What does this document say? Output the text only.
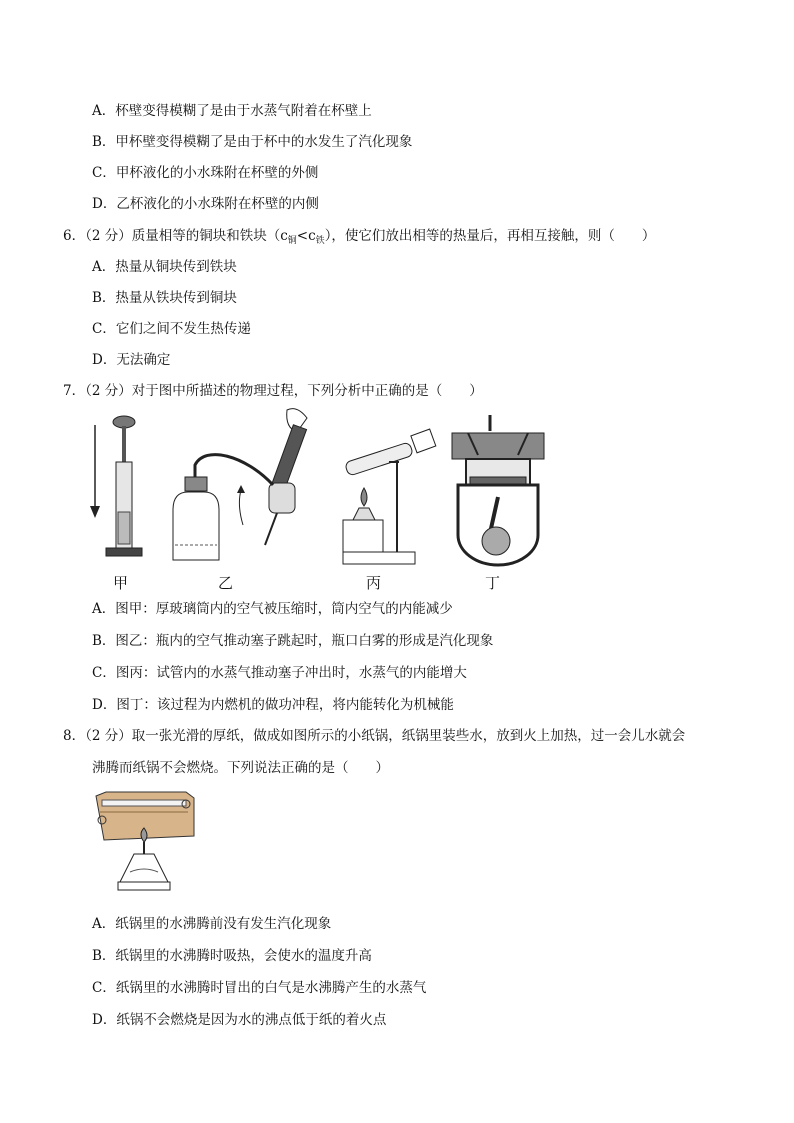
A．杯壁变得模糊了是由于水蒸气附着在杯壁上
B．甲杯壁变得模糊了是由于杯中的水发生了汽化现象
C．甲杯液化的小水珠附在杯壁的外侧
D．乙杯液化的小水珠附在杯壁的内侧
6．（2 分）质量相等的铜块和铁块$(c_铜<c_铁)$，使它们放出相等的热量后，再相互接触，则（　　）
A．热量从铜块传到铁块
B．热量从铁块传到铜块
C．它们之间不发生热传递
D．无法确定
7．（2 分）对于图中所描述的物理过程，下列分析中正确的是（　　）
甲	乙	丙	丁
A．图甲：厚玻璃筒内的空气被压缩时，筒内空气的内能减少
B．图乙：瓶内的空气推动塞子跳起时，瓶口白雾的形成是汽化现象
C．图丙：试管内的水蒸气推动塞子冲出时，水蒸气的内能增大
D．图丁：该过程为内燃机的做功冲程，将内能转化为机械能
8．（2 分）取一张光滑的厚纸，做成如图所示的小纸锅，纸锅里装些水，放到火上加热，过一会儿水就会
沸腾而纸锅不会燃烧。下列说法正确的是（　　）
A．纸锅里的水沸腾前没有发生汽化现象
B．纸锅里的水沸腾时吸热，会使水的温度升高
C．纸锅里的水沸腾时冒出的白气是水沸腾产生的水蒸气
D．纸锅不会燃烧是因为水的沸点低于纸的着火点
